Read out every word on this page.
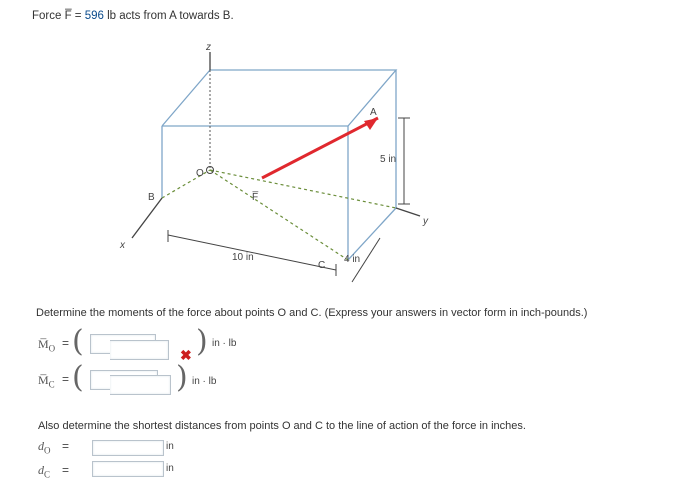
Force F̅ = 596 lb acts from A towards B.
z
y
x
A
B
C
O
F̅
10 in	4 in
5 in
Determine the moments of the force about points O and C. (Express your answers in vector form in inch-pounds.)
$M̅_O$ = (	) in · lb
✖
$M̅_C$ = (	) in · lb
Also determine the shortest distances from points O and C to the line of action of the force in inches.
$d_O$ =	in
$d_C$ =	in
